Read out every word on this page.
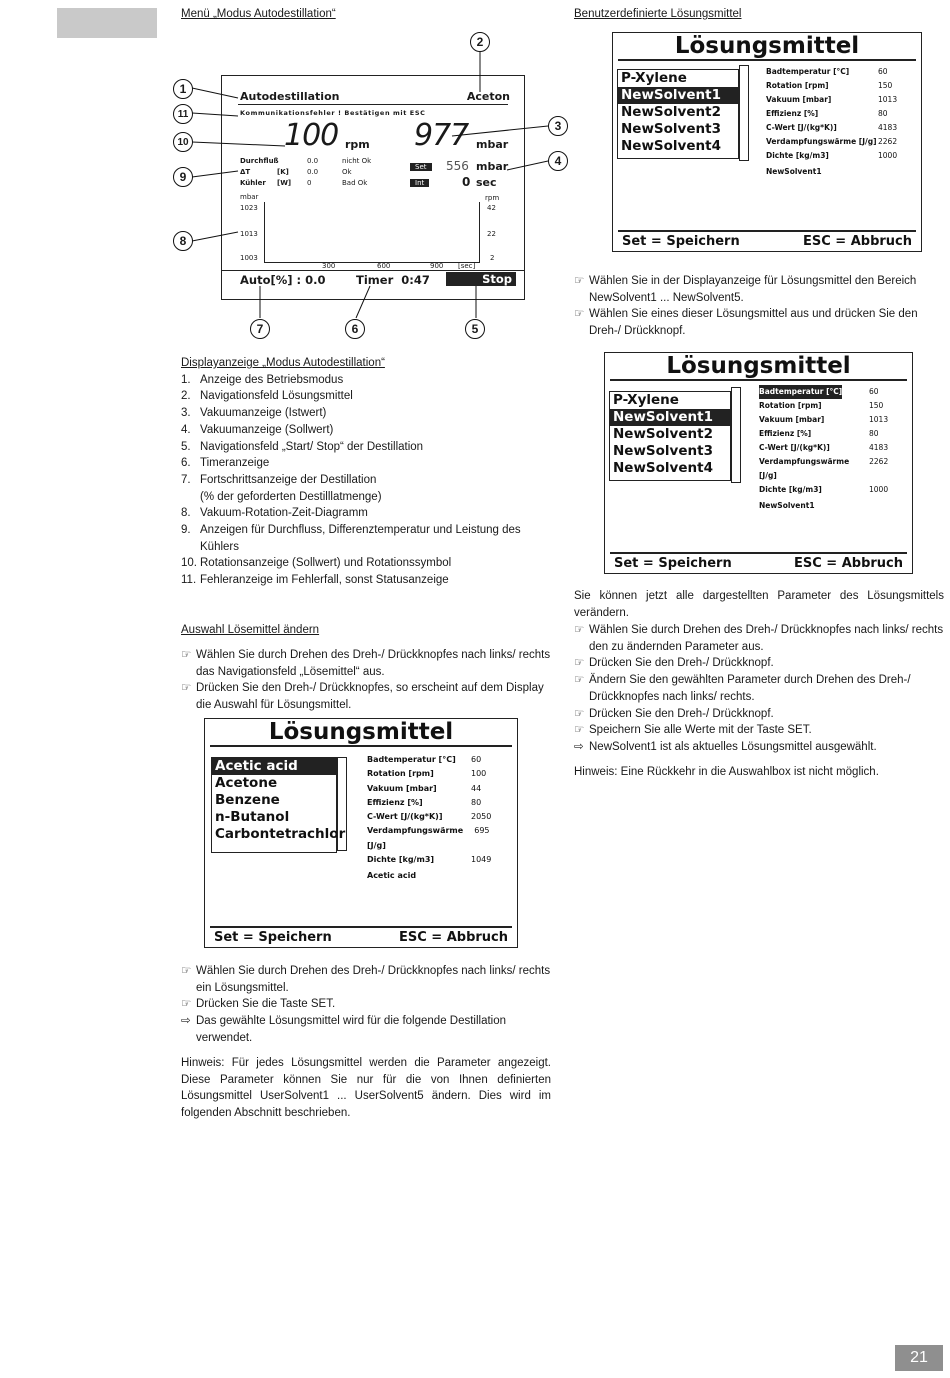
Menü „Modus Autodestillation“
Autodestillation	Aceton
Kommunikationsfehler ! Bestätigen mit ESC
100 rpm 977 mbar
Durchfluß	0.0	nicht Ok
ΔT	[K]	0.0	Ok
Kühler [W] 0	Bad Ok
Set	556 mbar
Int	0 sec
mbar
1023
1013
1003
rpm
42
22
2
300	600	900 [sec]
Auto[%] : 0.0	Timer  0:47	Stop
1
2
3
4
5
6
7
8
9
10
11
Displayanzeige „Modus Autodestillation“
1. Anzeige des Betriebsmodus
2. Navigationsfeld Lösungsmittel
3. Vakuumanzeige (Istwert)
4. Vakuumanzeige (Sollwert)
5. Navigationsfeld „Start/ Stop“ der Destillation
6. Timeranzeige
7. Fortschrittsanzeige der Destillation
(% der geforderten Destilllatmenge)
8. Vakuum-Rotation-Zeit-Diagramm
9. Anzeigen für Durchfluss, Differenztemperatur und Leistung des
Kühlers
10. Rotationsanzeige (Sollwert) und Rotationssymbol
11. Fehleranzeige im Fehlerfall, sonst Statusanzeige
Auswahl Lösemittel ändern
☞ Wählen Sie durch Drehen des Dreh-/ Drückknopfes nach links/ rechts das Navigationsfeld „Lösemittel“ aus.
☞ Drücken Sie den Dreh-/ Drückknopfes, so erscheint auf dem Display die Auswahl für Lösungsmittel.
Lösungsmittel
Acetic acid
Acetone
Benzene
n-Butanol
Carbontetrachlor
Badtemperatur [°C] 60
Rotation [rpm]	100
Vakuum [mbar]	44
Effizienz [%]	80
C-Wert [J/(kg*K)]	2050
Verdampfungswärme [J/g]
695
Dichte [kg/m3]	1049
Acetic acid
Set = Speichern	ESC = Abbruch
☞ Wählen Sie durch Drehen des Dreh-/ Drückknopfes nach links/ rechts ein Lösungsmittel.
☞ Drücken Sie die Taste SET.
⇨ Das gewählte Lösungsmittel wird für die folgende Destillation verwendet.
Hinweis: Für jedes Lösungsmittel werden die Parameter angezeigt. Diese Parameter können Sie nur für die von Ihnen definierten Lösungsmittel UserSolvent1 ... UserSolvent5 ändern. Dies wird im folgenden Abschnitt beschrieben.
Benutzerdefinierte Lösungsmittel
Lösungsmittel
P-Xylene
NewSolvent1
NewSolvent2
NewSolvent3
NewSolvent4
Badtemperatur [°C]	60
Rotation [rpm]	150
Vakuum [mbar]	1013
Effizienz [%]	80
C-Wert [J/(kg*K)]	4183
Verdampfungswärme [J/g] 2262
Dichte [kg/m3]	1000
NewSolvent1
Set = Speichern	ESC = Abbruch
☞ Wählen Sie in der Displayanzeige für Lösungsmittel den Bereich NewSolvent1 ... NewSolvent5.
☞ Wählen Sie eines dieser Lösungsmittel aus und drücken Sie den Dreh-/ Drückknopf.
Lösungsmittel
P-Xylene
NewSolvent1
NewSolvent2
NewSolvent3
NewSolvent4
Badtemperatur [°C]	60
Rotation [rpm]	150
Vakuum [mbar]	1013
Effizienz [%]	80
C-Wert [J/(kg*K)]	4183
Verdampfungswärme [J/g]
2262
Dichte [kg/m3]	1000
NewSolvent1
Set = Speichern	ESC = Abbruch
Sie können jetzt alle dargestellten Parameter des Lösungsmittels verändern.
☞ Wählen Sie durch Drehen des Dreh-/ Drückknopfes nach links/ rechts den zu ändernden Parameter aus.
☞ Drücken Sie den Dreh-/ Drückknopf.
☞ Ändern Sie den gewählten Parameter durch Drehen des Dreh-/ Drückknopfes nach links/ rechts.
☞ Drücken Sie den Dreh-/ Drückknopf.
☞ Speichern Sie alle Werte mit der Taste SET.
⇨ NewSolvent1 ist als aktuelles Lösungsmittel ausgewählt.
Hinweis: Eine Rückkehr in die Auswahlbox ist nicht möglich.
21
